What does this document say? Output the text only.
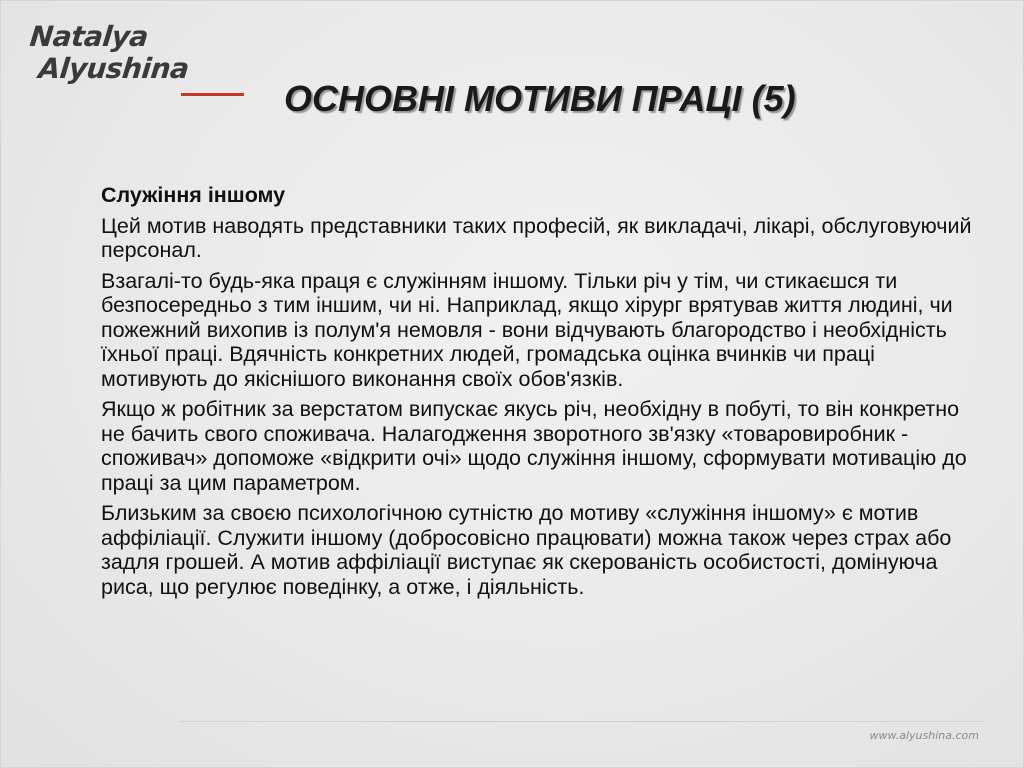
Natalya
Alyushina
ОСНОВНІ МОТИВИ ПРАЦІ (5)
Служіння іншому

Цей мотив наводять представники таких професій, як викладачі, лікарі, обслуговуючий персонал.

Взагалі-то будь-яка праця є служінням іншому. Тільки річ у тім, чи стикаєшся ти безпосередньо з тим іншим, чи ні. Наприклад, якщо хірург врятував життя людині, чи пожежний вихопив із полум'я немовля - вони відчувають благородство і необхідність їхньої праці. Вдячність конкретних людей, громадська оцінка вчинків чи праці мотивують до якіснішого виконання своїх обов'язків.

Якщо ж робітник за верстатом випускає якусь річ, необхідну в побуті, то він конкретно не бачить свого споживача. Налагодження зворотного зв'язку «товаровиробник - споживач» допоможе «відкрити очі» щодо служіння іншому, сформувати мотивацію до праці за цим параметром.

Близьким за своєю психологічною сутністю до мотиву «служіння іншому» є мотив аффіліації. Служити іншому (добросовісно працювати) можна також через страх або задля грошей. А мотив аффіліації виступає як скерованість особистості, домінуюча риса, що регулює поведінку, а отже, і діяльність.

www.alyushina.com
